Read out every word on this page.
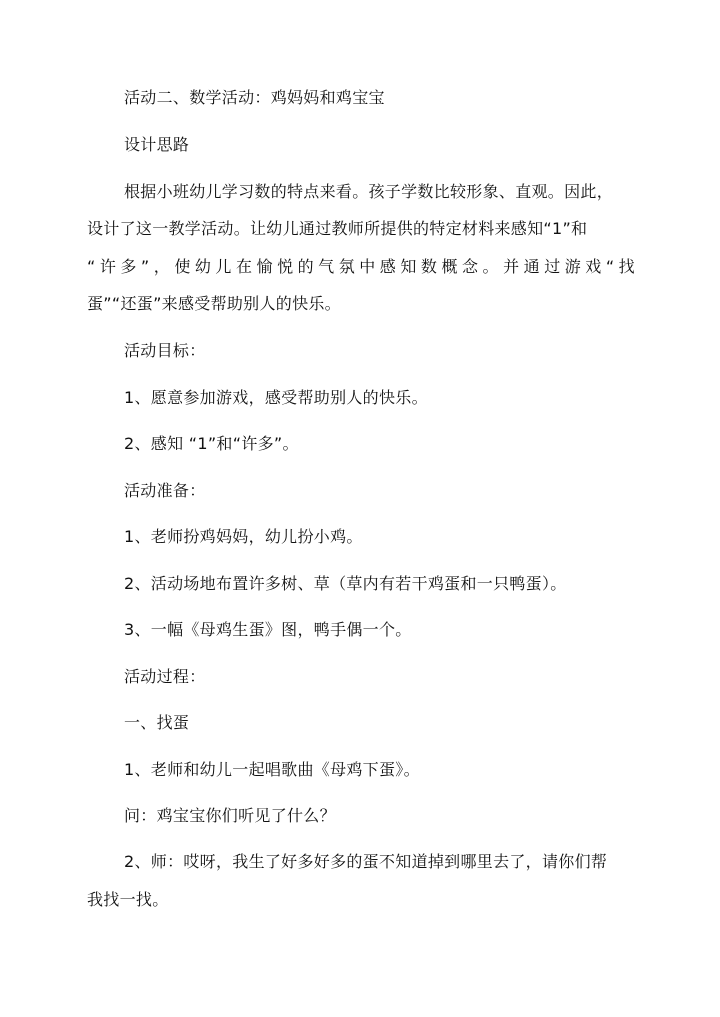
活动二、数学活动：鸡妈妈和鸡宝宝
设计思路
根据小班幼儿学习数的特点来看。孩子学数比较形象、直观。因此，
设计了这一教学活动。让幼儿通过教师所提供的特定材料来感知“1”和
“许多”，使幼儿在愉悦的气氛中感知数概念。并通过游戏“找
蛋”“还蛋”来感受帮助别人的快乐。
活动目标：
1、愿意参加游戏，感受帮助别人的快乐。
2、感知 “1”和“许多”。
活动准备：
1、老师扮鸡妈妈，幼儿扮小鸡。
2、活动场地布置许多树、草（草内有若干鸡蛋和一只鸭蛋）。
3、一幅《母鸡生蛋》图，鸭手偶一个。
活动过程：
一、找蛋
1、老师和幼儿一起唱歌曲《母鸡下蛋》。
问：鸡宝宝你们听见了什么？
2、师：哎呀，我生了好多好多的蛋不知道掉到哪里去了，请你们帮
我找一找。
